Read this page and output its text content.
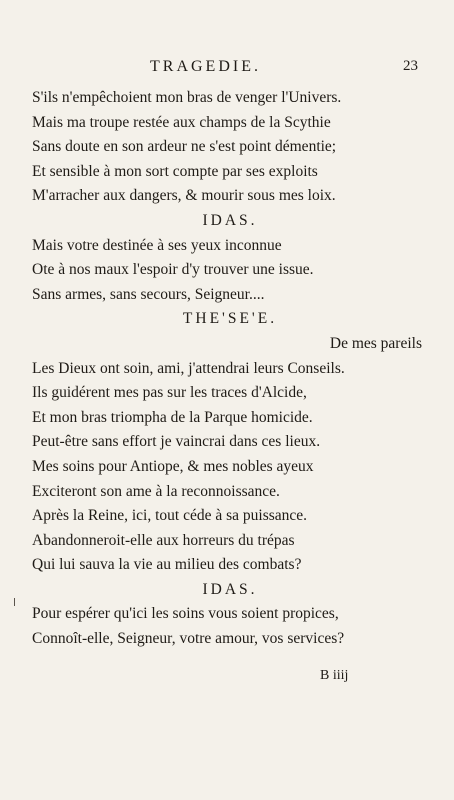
TRAGEDIE.	23
S'ils n'empêchoient mon bras de venger l'Univers.
Mais ma troupe restée aux champs de la Scythie
Sans doute en son ardeur ne s'est point démentie;
Et sensible à mon sort compte par ses exploits
M'arracher aux dangers, & mourir sous mes loix.
IDAS.
Mais votre destinée à ses yeux inconnue
Ote à nos maux l'espoir d'y trouver une issue.
Sans armes, sans secours, Seigneur....
THE'SE'E.
De mes pareils
Les Dieux ont soin, ami, j'attendrai leurs Conseils.
Ils guidérent mes pas sur les traces d'Alcide,
Et mon bras triompha de la Parque homicide.
Peut-être sans effort je vaincrai dans ces lieux.
Mes soins pour Antiope, & mes nobles ayeux
Exciteront son ame à la reconnoissance.
Après la Reine, ici, tout céde à sa puissance.
Abandonneroit-elle aux horreurs du trépas
Qui lui sauva la vie au milieu des combats?
IDAS.
Pour espérer qu'ici les soins vous soient propices,
Connoît-elle, Seigneur, votre amour, vos services?
B iiij
